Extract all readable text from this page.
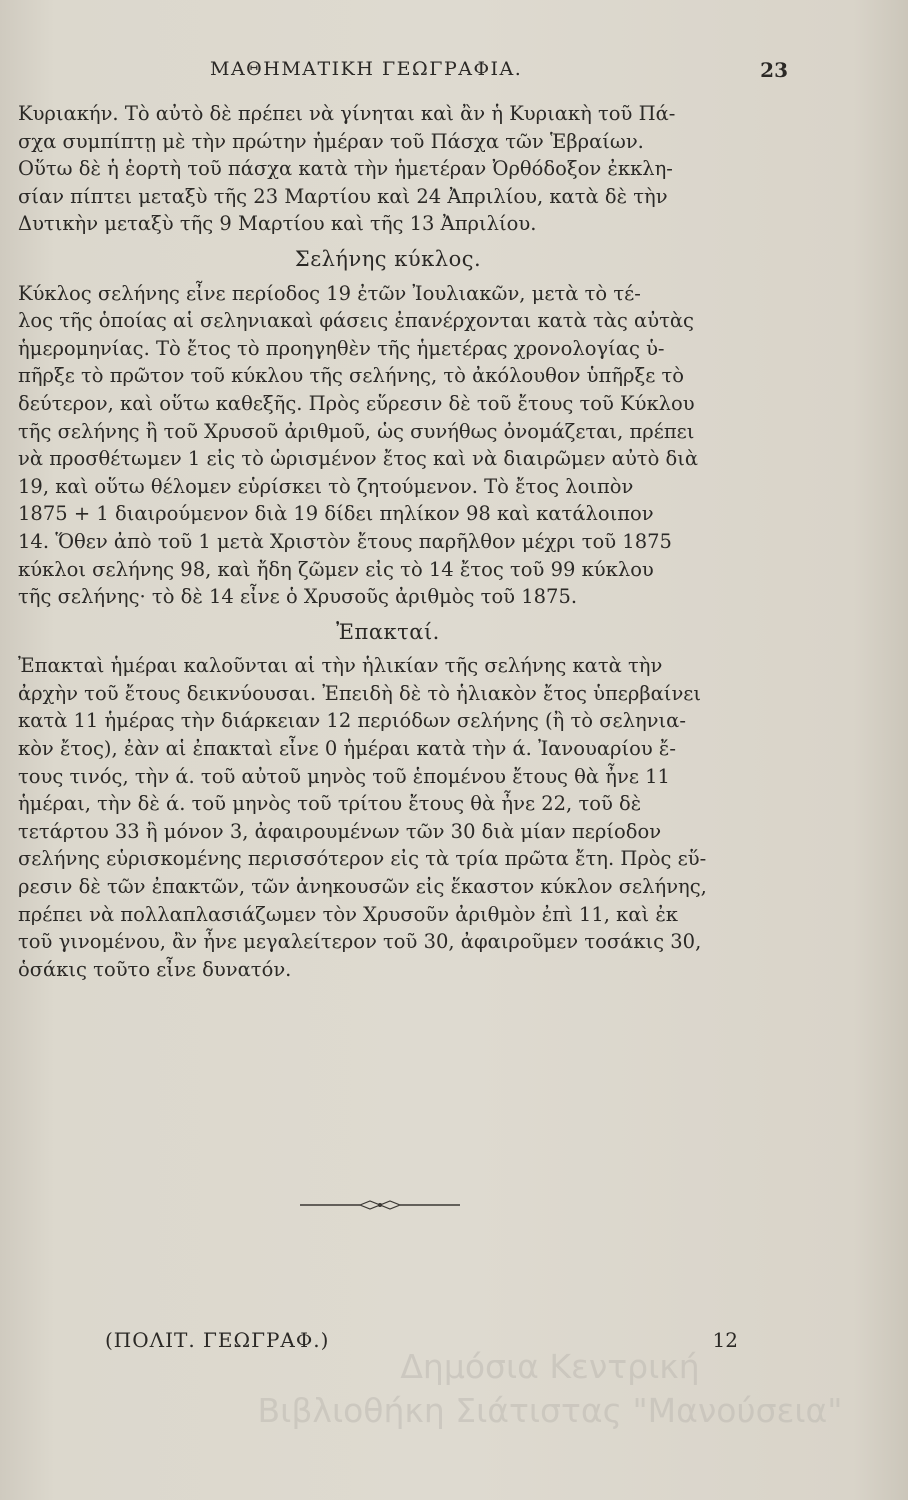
ΜΑΘΗΜΑΤΙΚΗ ΓΕΩΓΡΑΦΙΑ.	23
Κυριακήν. Τὸ αὐτὸ δὲ πρέπει νὰ γίνηται καὶ ἂν ἡ Κυριακὴ τοῦ Πά-
σχα συμπίπτῃ μὲ τὴν πρώτην ἡμέραν τοῦ Πάσχα τῶν Ἑβραίων.
Οὕτω δὲ ἡ ἑορτὴ τοῦ πάσχα κατὰ τὴν ἡμετέραν Ὀρθόδοξον ἐκκλη-
σίαν πίπτει μεταξὺ τῆς 23 Μαρτίου καὶ 24 Ἀπριλίου, κατὰ δὲ τὴν
Δυτικὴν μεταξὺ τῆς 9 Μαρτίου καὶ τῆς 13 Ἀπριλίου.
Σελήνης κύκλος.
Κύκλος σελήνης εἶνε περίοδος 19 ἐτῶν Ἰουλιακῶν, μετὰ τὸ τέ-
λος τῆς ὁποίας αἱ σεληνιακαὶ φάσεις ἐπανέρχονται κατὰ τὰς αὐτὰς
ἡμερομηνίας. Τὸ ἔτος τὸ προηγηθὲν τῆς ἡμετέρας χρονολογίας ὑ-
πῆρξε τὸ πρῶτον τοῦ κύκλου τῆς σελήνης, τὸ ἀκόλουθον ὑπῆρξε τὸ
δεύτερον, καὶ οὕτω καθεξῆς. Πρὸς εὕρεσιν δὲ τοῦ ἔτους τοῦ Κύκλου
τῆς σελήνης ἢ τοῦ Χρυσοῦ ἀριθμοῦ, ὡς συνήθως ὀνομάζεται, πρέπει
νὰ προσθέτωμεν 1 εἰς τὸ ὡρισμένον ἔτος καὶ νὰ διαιρῶμεν αὐτὸ διὰ
19, καὶ οὕτω θέλομεν εὑρίσκει τὸ ζητούμενον. Τὸ ἔτος λοιπὸν
1875 + 1 διαιρούμενον διὰ 19 δίδει πηλίκον 98 καὶ κατάλοιπον
14. Ὅθεν ἀπὸ τοῦ 1 μετὰ Χριστὸν ἔτους παρῆλθον μέχρι τοῦ 1875
κύκλοι σελήνης 98, καὶ ἤδη ζῶμεν εἰς τὸ 14 ἔτος τοῦ 99 κύκλου
τῆς σελήνης· τὸ δὲ 14 εἶνε ὁ Χρυσοῦς ἀριθμὸς τοῦ 1875.
Ἐπακταί.
Ἐπακταὶ ἡμέραι καλοῦνται αἱ τὴν ἡλικίαν τῆς σελήνης κατὰ τὴν
ἀρχὴν τοῦ ἔτους δεικνύουσαι. Ἐπειδὴ δὲ τὸ ἡλιακὸν ἔτος ὑπερβαίνει
κατὰ 11 ἡμέρας τὴν διάρκειαν 12 περιόδων σελήνης (ἢ τὸ σεληνια-
κὸν ἔτος), ἐὰν αἱ ἐπακταὶ εἶνε 0 ἡμέραι κατὰ τὴν ά. Ἰανουαρίου ἔ-
τους τινός, τὴν ά. τοῦ αὐτοῦ μηνὸς τοῦ ἑπομένου ἔτους θὰ ἦνε 11
ἡμέραι, τὴν δὲ ά. τοῦ μηνὸς τοῦ τρίτου ἔτους θὰ ἦνε 22, τοῦ δὲ
τετάρτου 33 ἢ μόνον 3, ἀφαιρουμένων τῶν 30 διὰ μίαν περίοδον
σελήνης εὑρισκομένης περισσότερον εἰς τὰ τρία πρῶτα ἔτη. Πρὸς εὕ-
ρεσιν δὲ τῶν ἐπακτῶν, τῶν ἀνηκουσῶν εἰς ἕκαστον κύκλον σελήνης,
πρέπει νὰ πολλαπλασιάζωμεν τὸν Χρυσοῦν ἀριθμὸν ἐπὶ 11, καὶ ἐκ
τοῦ γινομένου, ἂν ἦνε μεγαλείτερον τοῦ 30, ἀφαιροῦμεν τοσάκις 30,
ὁσάκις τοῦτο εἶνε δυνατόν.
(ΠΟΛΙΤ. ΓΕΩΓΡΑΦ.)	12
Δημόσια Κεντρική
Βιβλιοθήκη Σιάτιστας "Μανούσεια"
